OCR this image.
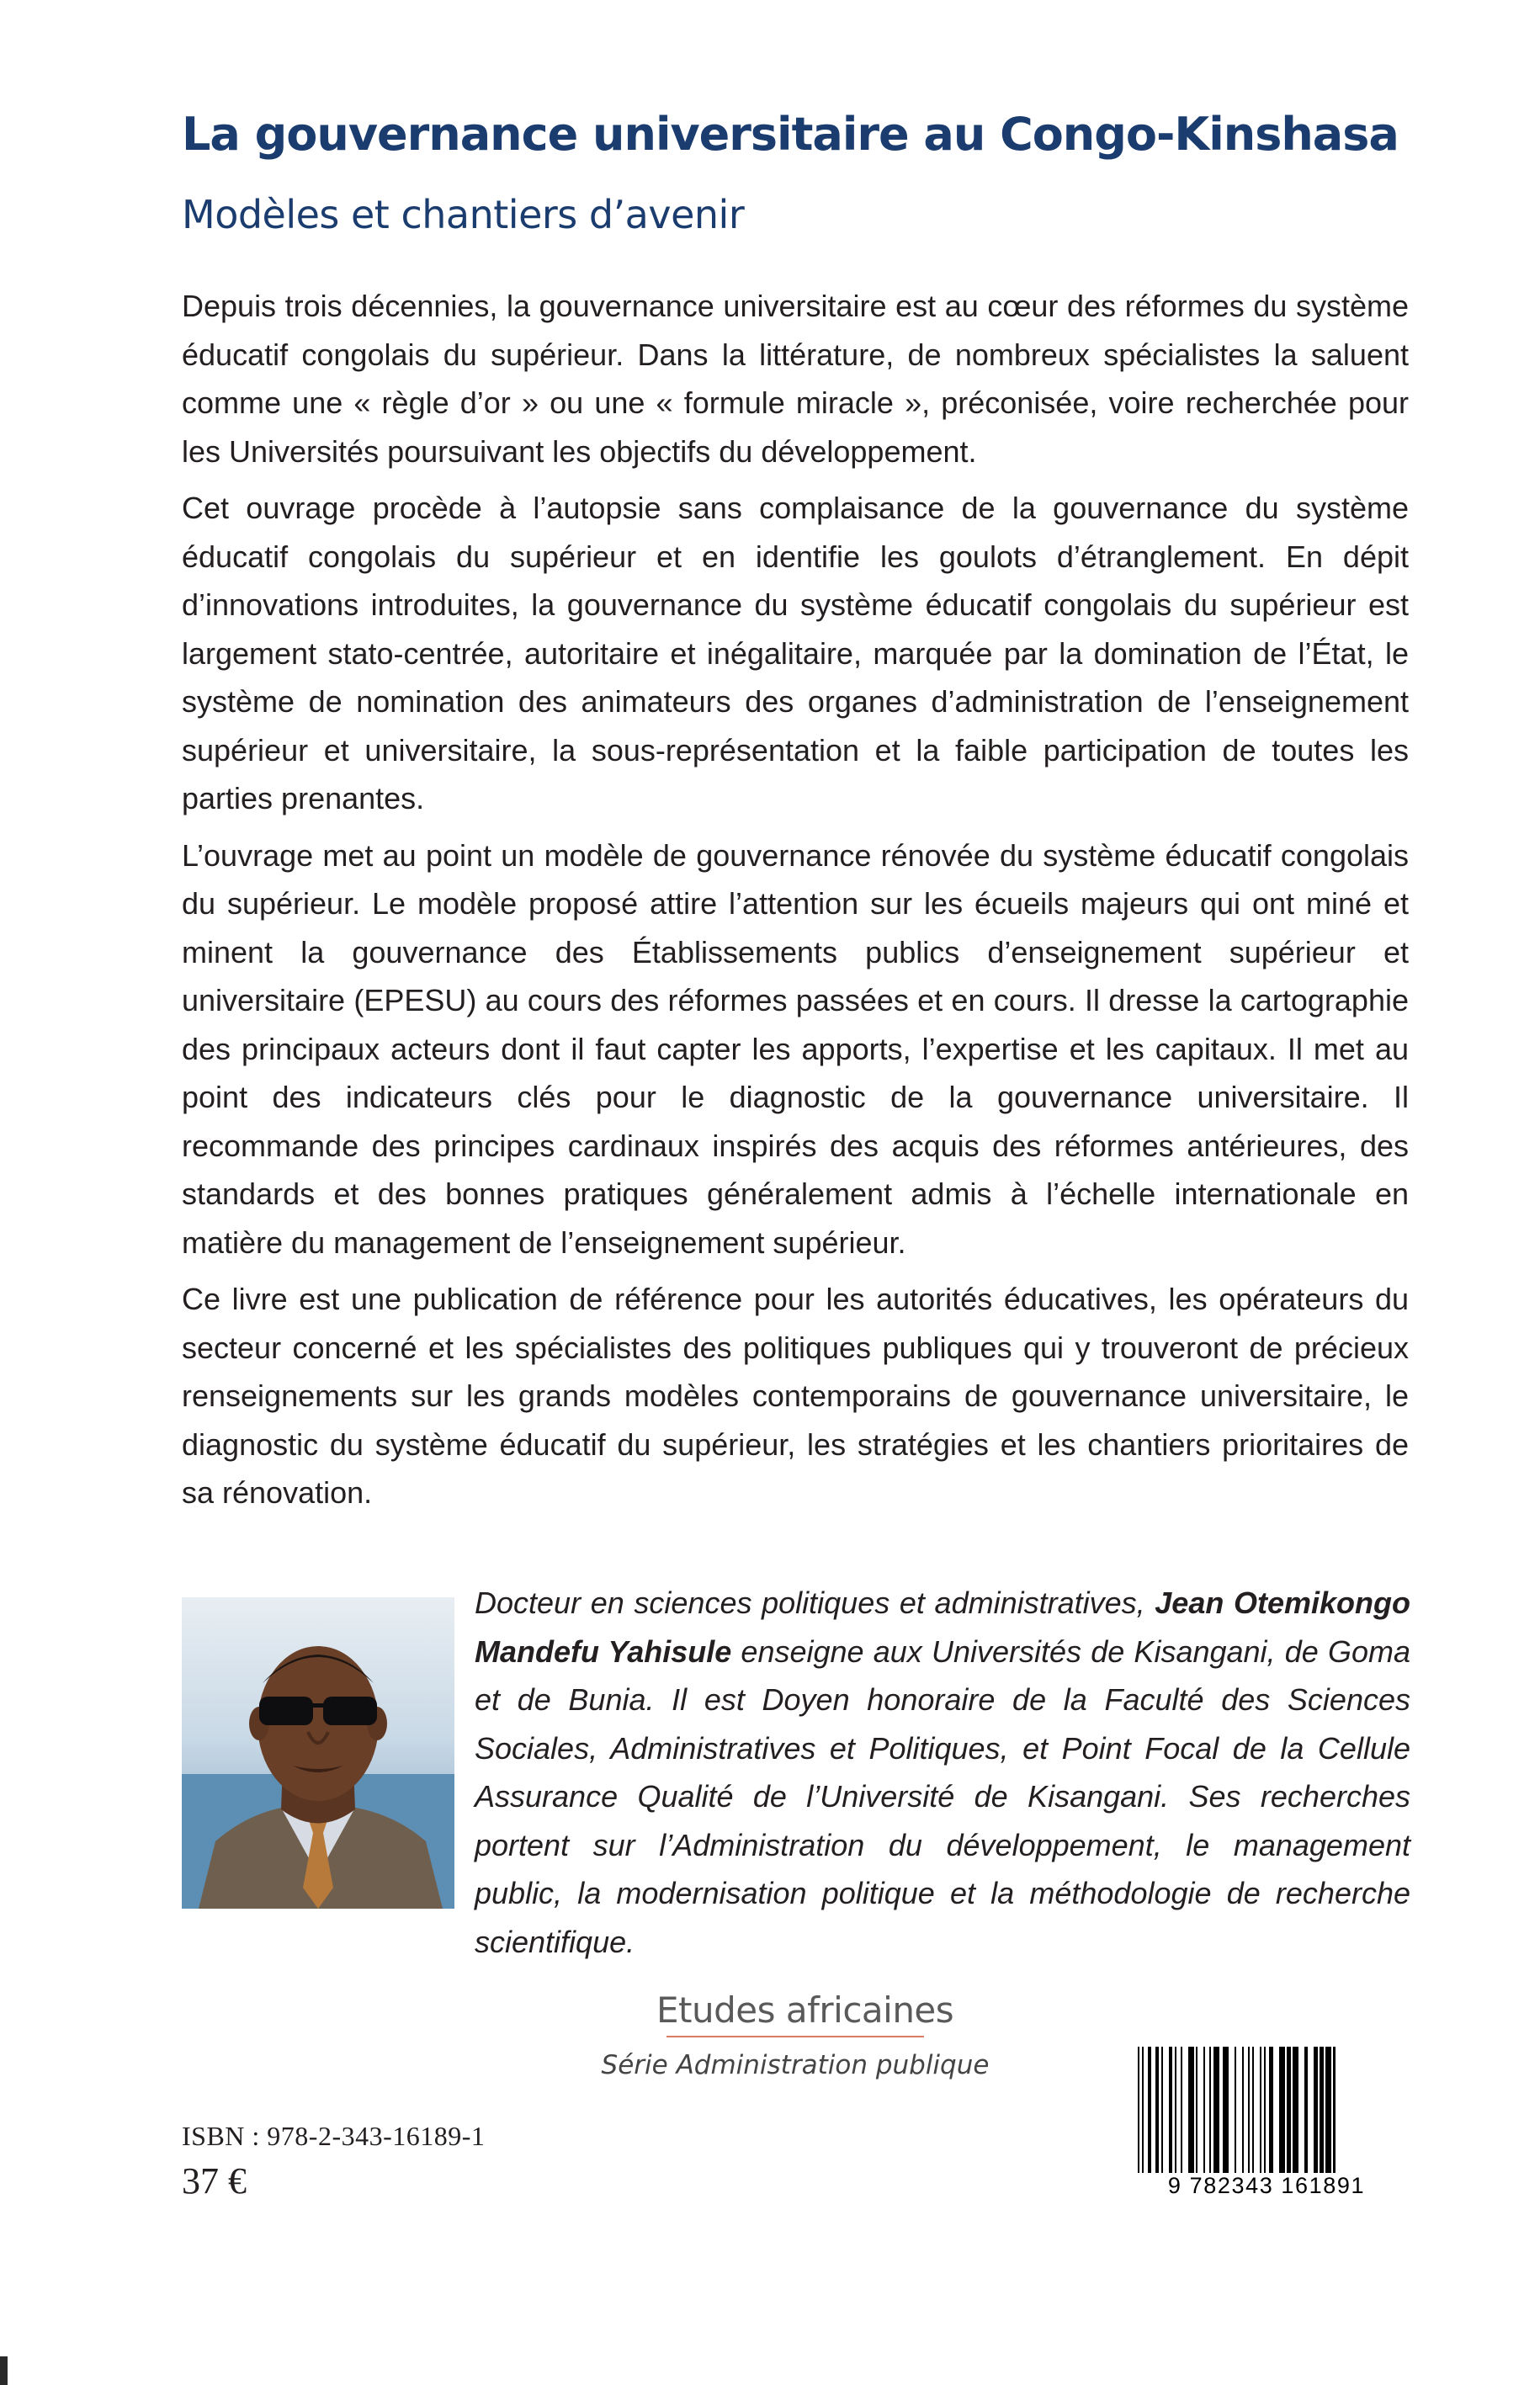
La gouvernance universitaire au Congo-Kinshasa
Modèles et chantiers d’avenir

Depuis trois décennies, la gouvernance universitaire est au cœur des réformes du système éducatif congolais du supérieur. Dans la littérature, de nombreux spécialistes la saluent comme une « règle d’or » ou une « formule miracle », préconisée, voire recherchée pour les Universités poursuivant les objectifs du développement.

Cet ouvrage procède à l’autopsie sans complaisance de la gouvernance du système éducatif congolais du supérieur et en identifie les goulots d’étranglement. En dépit d’innovations introduites, la gouvernance du système éducatif congolais du supérieur est largement stato-centrée, autoritaire et inégalitaire, marquée par la domination de l’État, le système de nomination des animateurs des organes d’administration de l’enseignement supérieur et universitaire, la sous-représentation et la faible participation de toutes les parties prenantes.

L’ouvrage met au point un modèle de gouvernance rénovée du système éducatif congolais du supérieur. Le modèle proposé attire l’attention sur les écueils majeurs qui ont miné et minent la gouvernance des Établissements publics d’enseignement supérieur et universitaire (EPESU) au cours des réformes passées et en cours. Il dresse la cartographie des principaux acteurs dont il faut capter les apports, l’expertise et les capitaux. Il met au point des indicateurs clés pour le diagnostic de la gouvernance universitaire. Il recommande des principes cardinaux inspirés des acquis des réformes antérieures, des standards et des bonnes pratiques généralement admis à l’échelle internationale en matière du management de l’enseignement supérieur.

Ce livre est une publication de référence pour les autorités éducatives, les opérateurs du secteur concerné et les spécialistes des politiques publiques qui y trouveront de précieux renseignements sur les grands modèles contemporains de gouvernance universitaire, le diagnostic du système éducatif du supérieur, les stratégies et les chantiers prioritaires de sa rénovation.

Docteur en sciences politiques et administratives, Jean Otemikongo Mandefu Yahisule enseigne aux Universités de Kisangani, de Goma et de Bunia. Il est Doyen honoraire de la Faculté des Sciences Sociales, Administratives et Politiques, et Point Focal de la Cellule Assurance Qualité de l’Université de Kisangani. Ses recherches portent sur l’Administration du développement, le management public, la modernisation politique et la méthodologie de recherche scientifique.

Etudes africaines
Série Administration publique
ISBN : 978-2-343-16189-1
37 €	9 782343 161891
